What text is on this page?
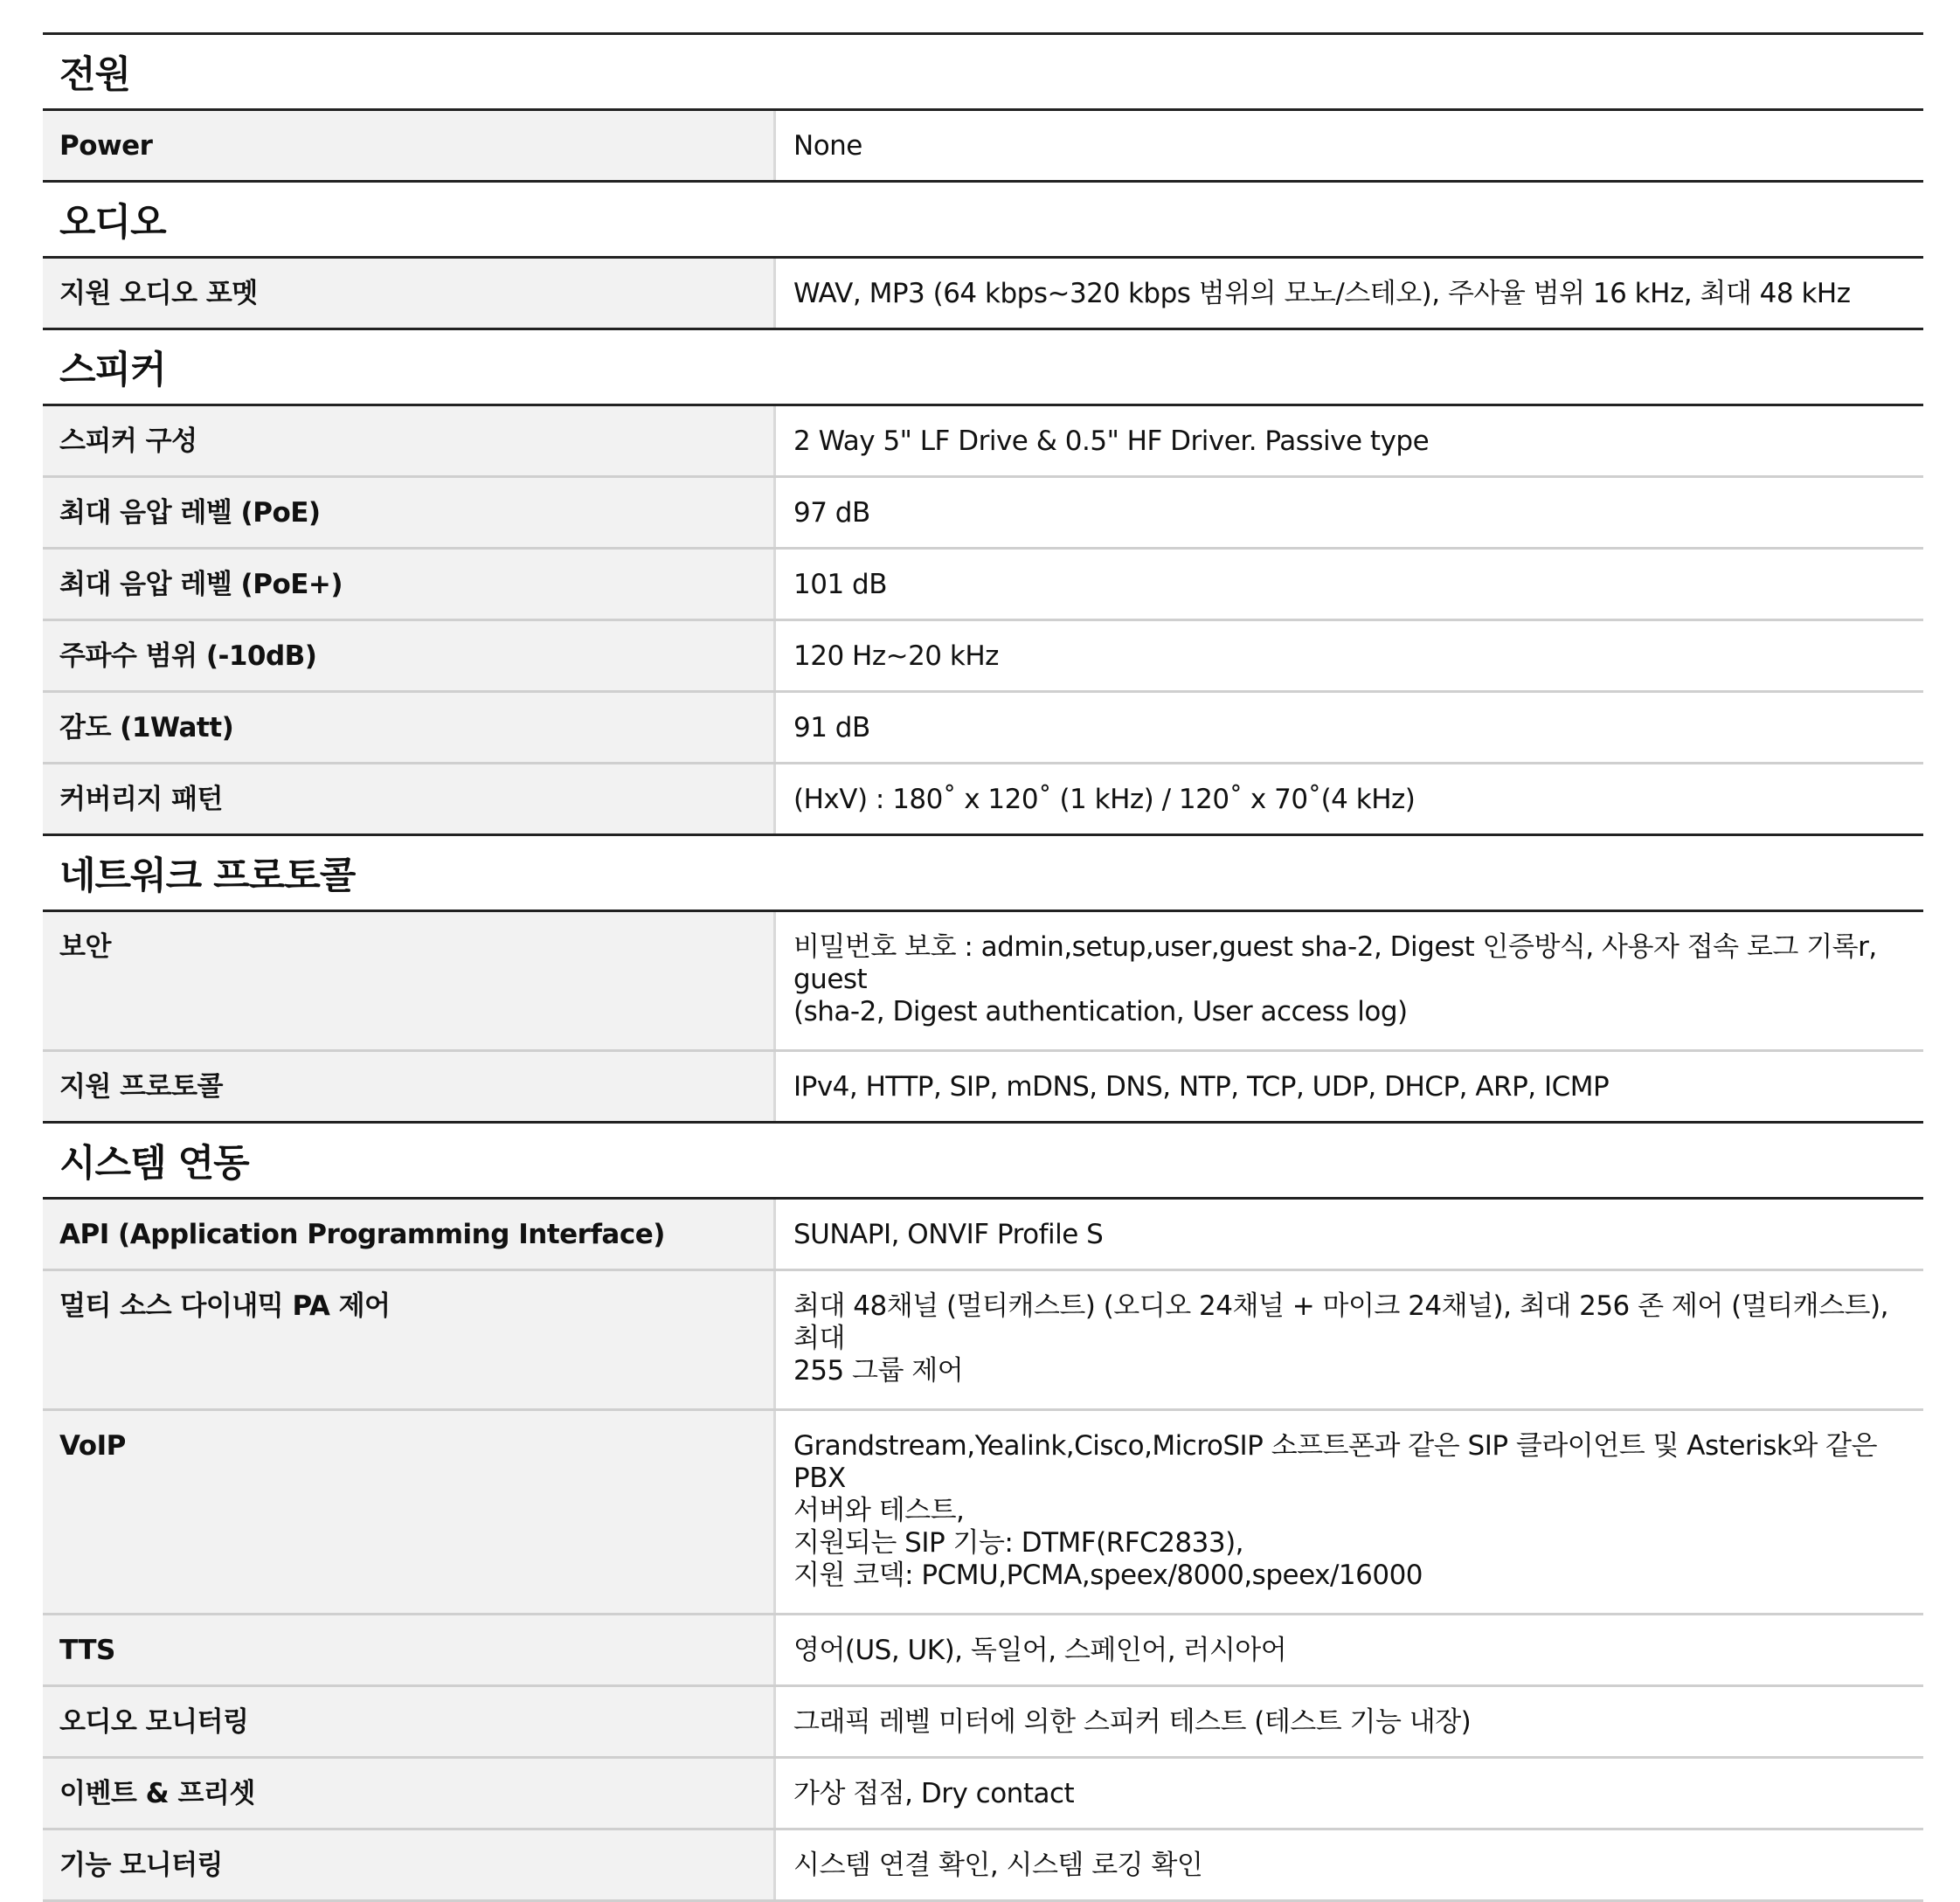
전원
Power	None
오디오
지원 오디오 포멧	WAV, MP3 (64 kbps~320 kbps 범위의 모노/스테오), 주사율 범위 16 kHz, 최대 48 kHz
스피커
스피커 구성	2 Way 5" LF Drive & 0.5" HF Driver. Passive type
최대 음압 레벨 (PoE)	97 dB
최대 음압 레벨 (PoE+)	101 dB
주파수 범위 (-10dB)	120 Hz~20 kHz
감도 (1Watt)	91 dB
커버리지 패턴	(HxV) : 180˚ x 120˚ (1 kHz) / 120˚ x 70˚(4 kHz)
네트워크 프로토콜
보안	비밀번호 보호 : admin,setup,user,guest sha-2, Digest 인증방식, 사용자 접속 로그 기록r, guest
(sha-2, Digest authentication, User access log)
지원 프로토콜	IPv4, HTTP, SIP, mDNS, DNS, NTP, TCP, UDP, DHCP, ARP, ICMP
시스템 연동
API (Application Programming Interface)	SUNAPI, ONVIF Profile S
멀티 소스 다이내믹 PA 제어	최대 48채널 (멀티캐스트) (오디오 24채널 + 마이크 24채널), 최대 256 존 제어 (멀티캐스트), 최대
255 그룹 제어
VoIP	Grandstream,Yealink,Cisco,MicroSIP 소프트폰과 같은 SIP 클라이언트 및 Asterisk와 같은 PBX
서버와 테스트,
지원되는 SIP 기능: DTMF(RFC2833),
지원 코덱: PCMU,PCMA,speex/8000,speex/16000
TTS	영어(US, UK), 독일어, 스페인어, 러시아어
오디오 모니터링	그래픽 레벨 미터에 의한 스피커 테스트 (테스트 기능 내장)
이벤트 & 프리셋	가상 접점, Dry contact
기능 모니터링	시스템 연결 확인, 시스템 로깅 확인
